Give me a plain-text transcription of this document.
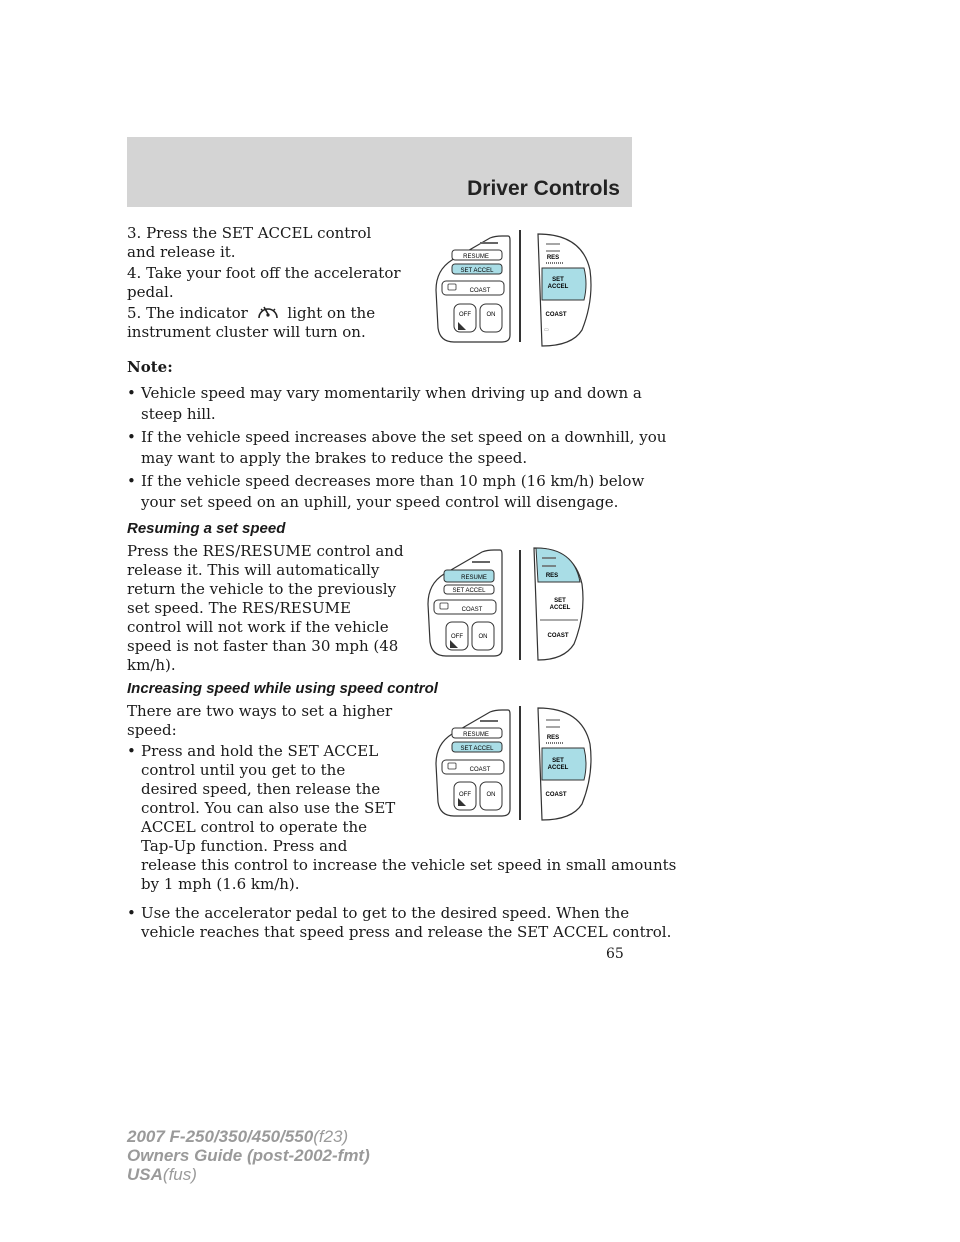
Driver Controls
3. Press the SET ACCEL control
and release it.
4. Take your foot off the accelerator
pedal.
5. The indicator	light on the
instrument cluster will turn on.
RESUME
SET ACCEL
COAST
OFF	ON
RES
SET
ACCEL
COAST
▭
Note:
• Vehicle speed may vary momentarily when driving up and down a
steep hill.
• If the vehicle speed increases above the set speed on a downhill, you
may want to apply the brakes to reduce the speed.
• If the vehicle speed decreases more than 10 mph (16 km/h) below
your set speed on an uphill, your speed control will disengage.
Resuming a set speed
Press the RES/RESUME control and
release it. This will automatically
return the vehicle to the previously
set speed. The RES/RESUME
control will not work if the vehicle
speed is not faster than 30 mph (48
km/h).
RESUME
SET ACCEL
COAST
OFF	ON
RES
SET
ACCEL
COAST
Increasing speed while using speed control
There are two ways to set a higher
speed:
• Press and hold the SET ACCEL
control until you get to the
desired speed, then release the
control. You can also use the SET
ACCEL control to operate the
Tap-Up function. Press and
release this control to increase the vehicle set speed in small amounts
by 1 mph (1.6 km/h).
• Use the accelerator pedal to get to the desired speed. When the
vehicle reaches that speed press and release the SET ACCEL control.
RESUME
SET ACCEL
COAST
OFF	ON
RES
SET
ACCEL
COAST
65
2007 F-250/350/450/550(f23)
Owners Guide (post-2002-fmt)
USA(fus)
